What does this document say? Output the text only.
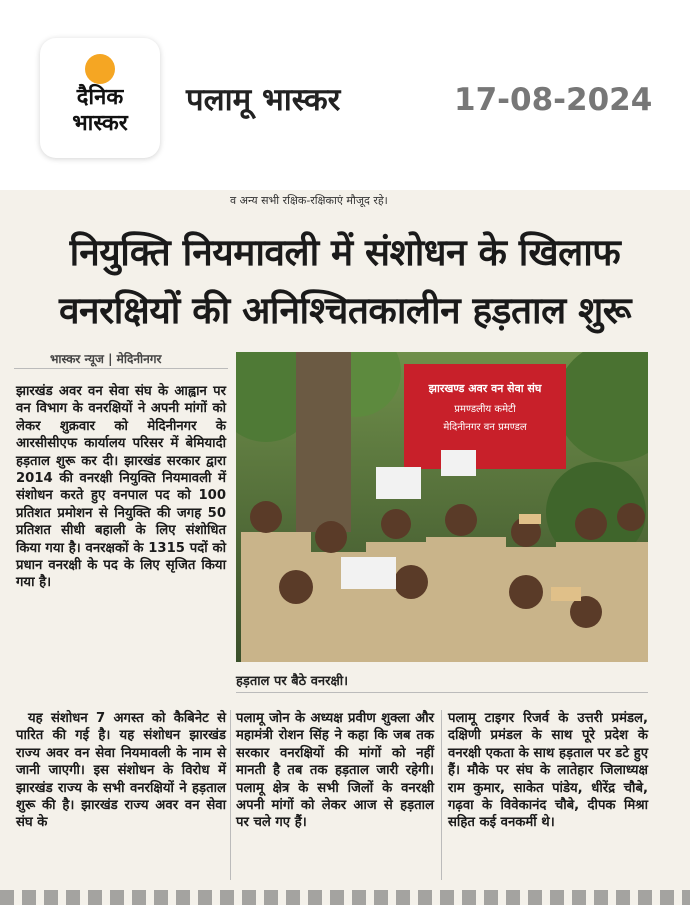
दैनिक
भास्कर
पलामू भास्कर	17-08-2024
व अन्य सभी रक्षिक-रक्षिकाएं मौजूद रहे।
नियुक्ति नियमावली में संशोधन के खिलाफ
वनरक्षियों की अनिश्चितकालीन हड़ताल शुरू
भास्कर न्यूज | मेदिनीनगर

झारखंड अवर वन सेवा संघ के आह्वान पर वन विभाग के वनरक्षियों ने अपनी मांगों को लेकर शुक्रवार को मेदिनीनगर के आरसीसीएफ कार्यालय परिसर में बेमियादी हड़ताल शुरू कर दी। झारखंड सरकार द्वारा 2014 की वनरक्षी नियुक्ति नियमावली में संशोधन करते हुए वनपाल पद को 100 प्रतिशत प्रमोशन से नियुक्ति की जगह 50 प्रतिशत सीधी बहाली के लिए संशोधित किया गया है। वनरक्षकों के 1315 पदों को प्रधान वनरक्षी के पद के लिए सृजित किया गया है।

झारखण्ड अवर वन सेवा संघ
प्रमण्डलीय कमेटी
मेदिनीनगर वन प्रमण्डल
हड़ताल पर बैठे वनरक्षी।

यह संशोधन 7 अगस्त को कैबिनेट से पारित की गई है। यह संशोधन झारखंड राज्य अवर वन सेवा नियमावली के नाम से जानी जाएगी। इस संशोधन के विरोध में झारखंड राज्य के सभी वनरक्षियों ने हड़ताल शुरू की है। झारखंड राज्य अवर वन सेवा संघ के

पलामू जोन के अध्यक्ष प्रवीण शुक्ला और महामंत्री रोशन सिंह ने कहा कि जब तक सरकार वनरक्षियों की मांगों को नहीं मानती है तब तक हड़ताल जारी रहेगी। पलामू क्षेत्र के सभी जिलों के वनरक्षी अपनी मांगों को लेकर आज से हड़ताल पर चले गए हैं।

पलामू टाइगर रिजर्व के उत्तरी प्रमंडल, दक्षिणी प्रमंडल के साथ पूरे प्रदेश के वनरक्षी एकता के साथ हड़ताल पर डटे हुए हैं। मौके पर संघ के लातेहार जिलाध्यक्ष राम कुमार, साकेत पांडेय, धीरेंद्र चौबे, गढ़वा के विवेकानंद चौबे, दीपक मिश्रा सहित कई वनकर्मी थे।
